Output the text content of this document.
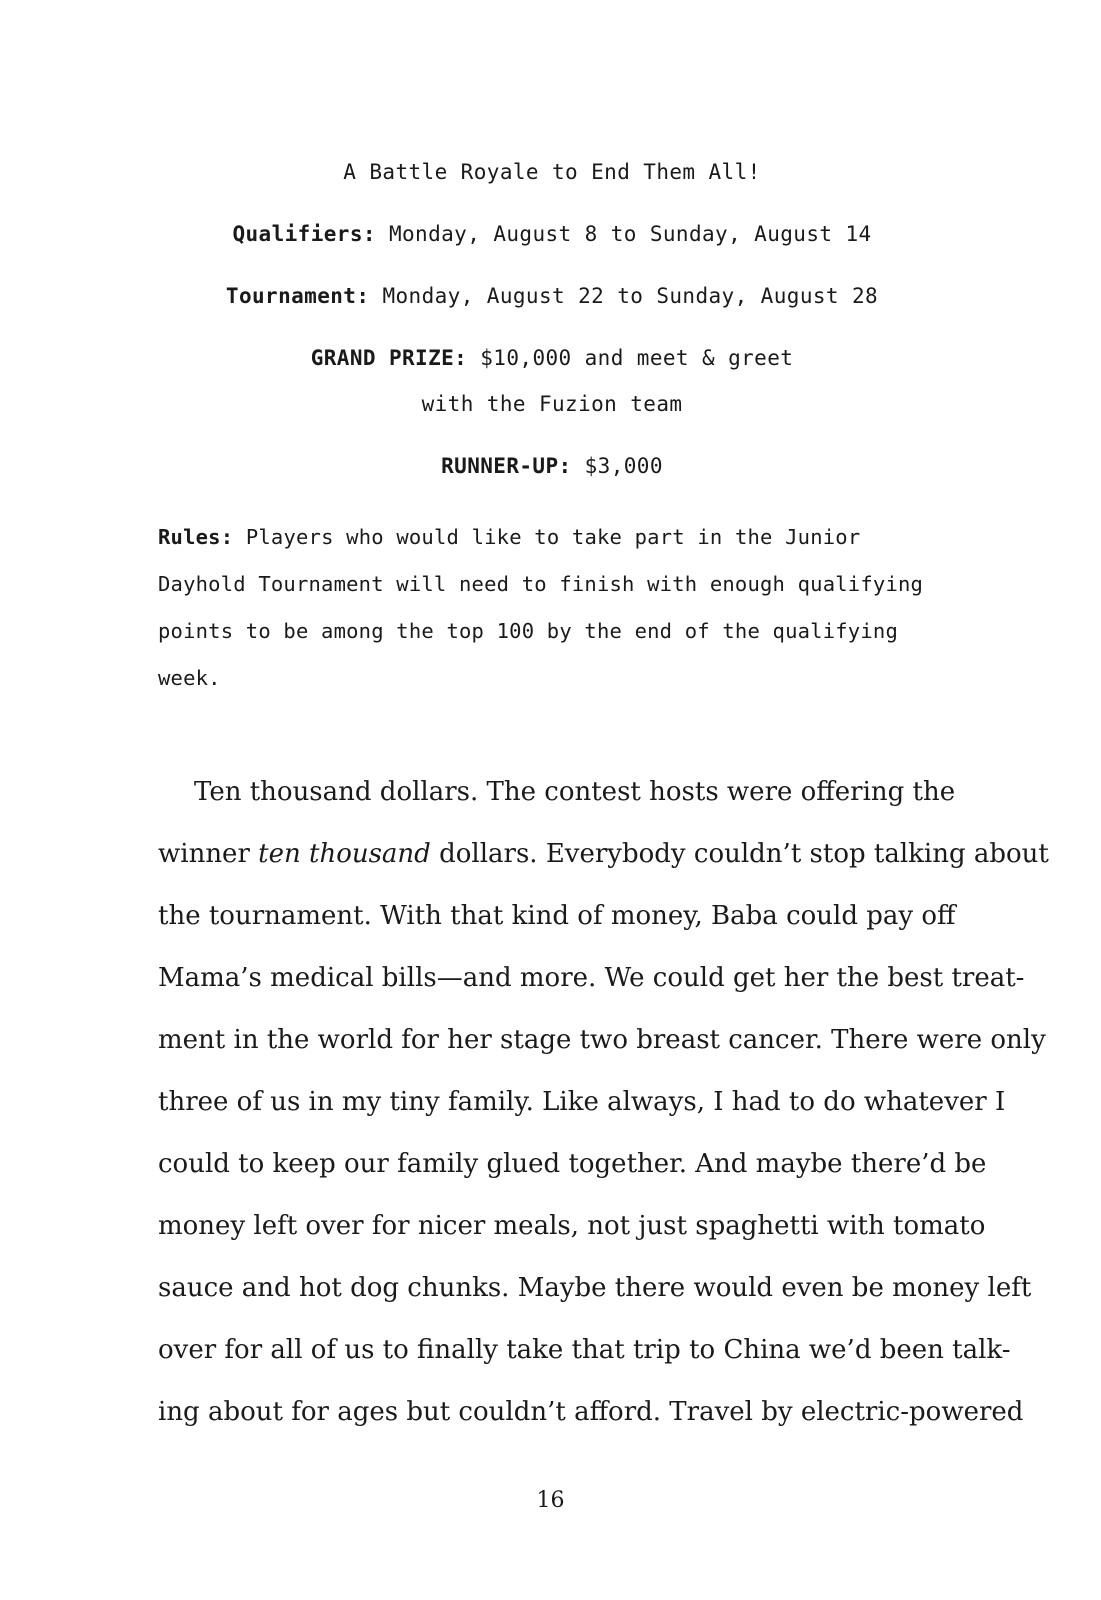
A Battle Royale to End Them All!
Qualifiers: Monday, August 8 to Sunday, August 14
Tournament: Monday, August 22 to Sunday, August 28
GRAND PRIZE: $10,000 and meet & greet
with the Fuzion team
RUNNER-UP: $3,000
Rules: Players who would like to take part in the Junior Dayhold Tournament will need to finish with enough qualifying points to be among the top 100 by the end of the qualifying week.
Ten thousand dollars. The contest hosts were offering the
winner ten thousand dollars. Everybody couldn’t stop talking about
the tournament. With that kind of money, Baba could pay off
Mama’s medical bills—and more. We could get her the best treat-
ment in the world for her stage two breast cancer. There were only
three of us in my tiny family. Like always, I had to do whatever I
could to keep our family glued together. And maybe there’d be
money left over for nicer meals, not just spaghetti with tomato
sauce and hot dog chunks. Maybe there would even be money left
over for all of us to finally take that trip to China we’d been talk-
ing about for ages but couldn’t afford. Travel by electric-powered
16
